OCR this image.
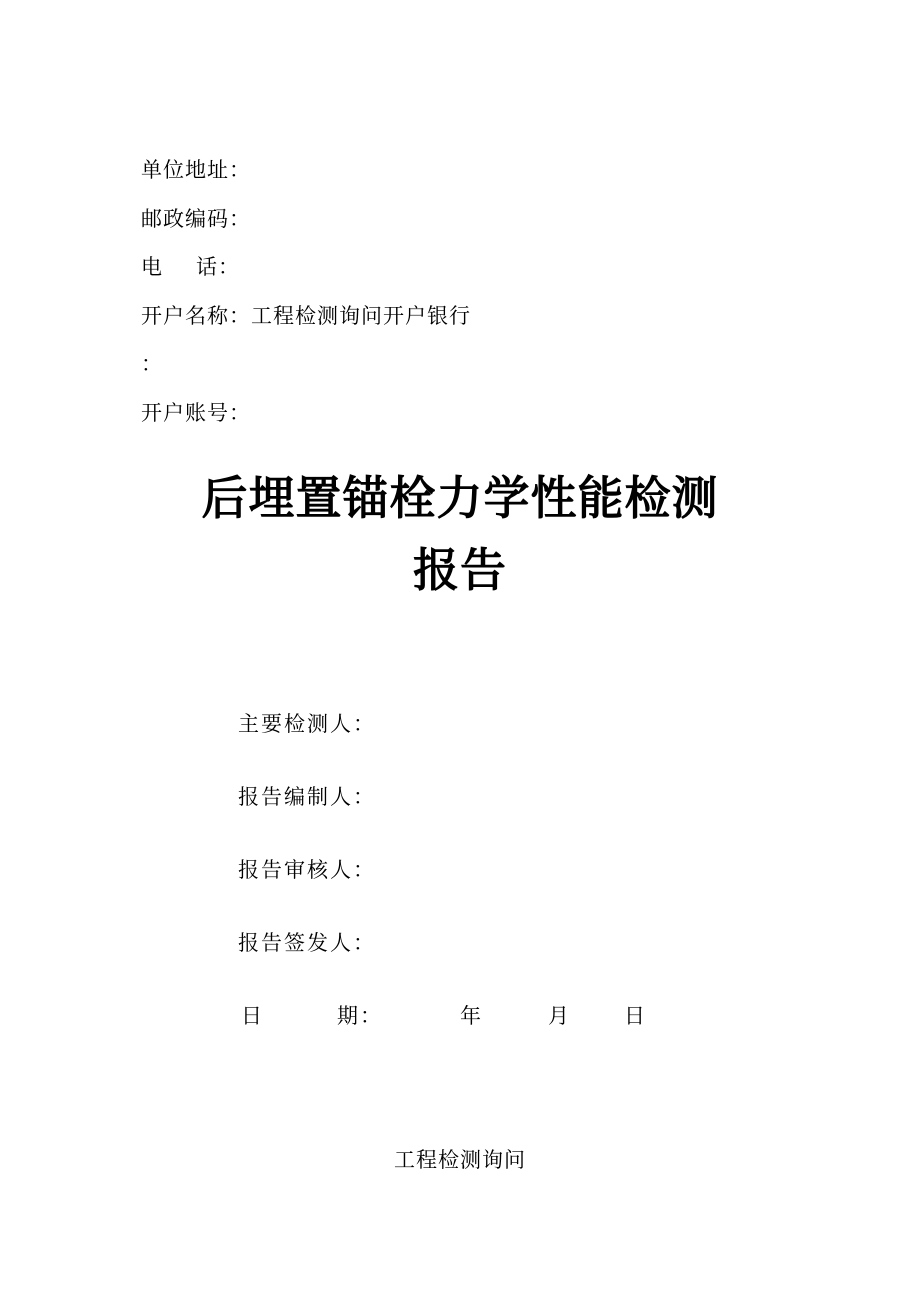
单位地址：
邮政编码：
电话：
开户名称：工程检测询问开户银行
：
开户账号：
后埋置锚栓力学性能检测
报告
主要检测人：
报告编制人：
报告审核人：
报告签发人：
日	期：	年	月	日
工程检测询问
